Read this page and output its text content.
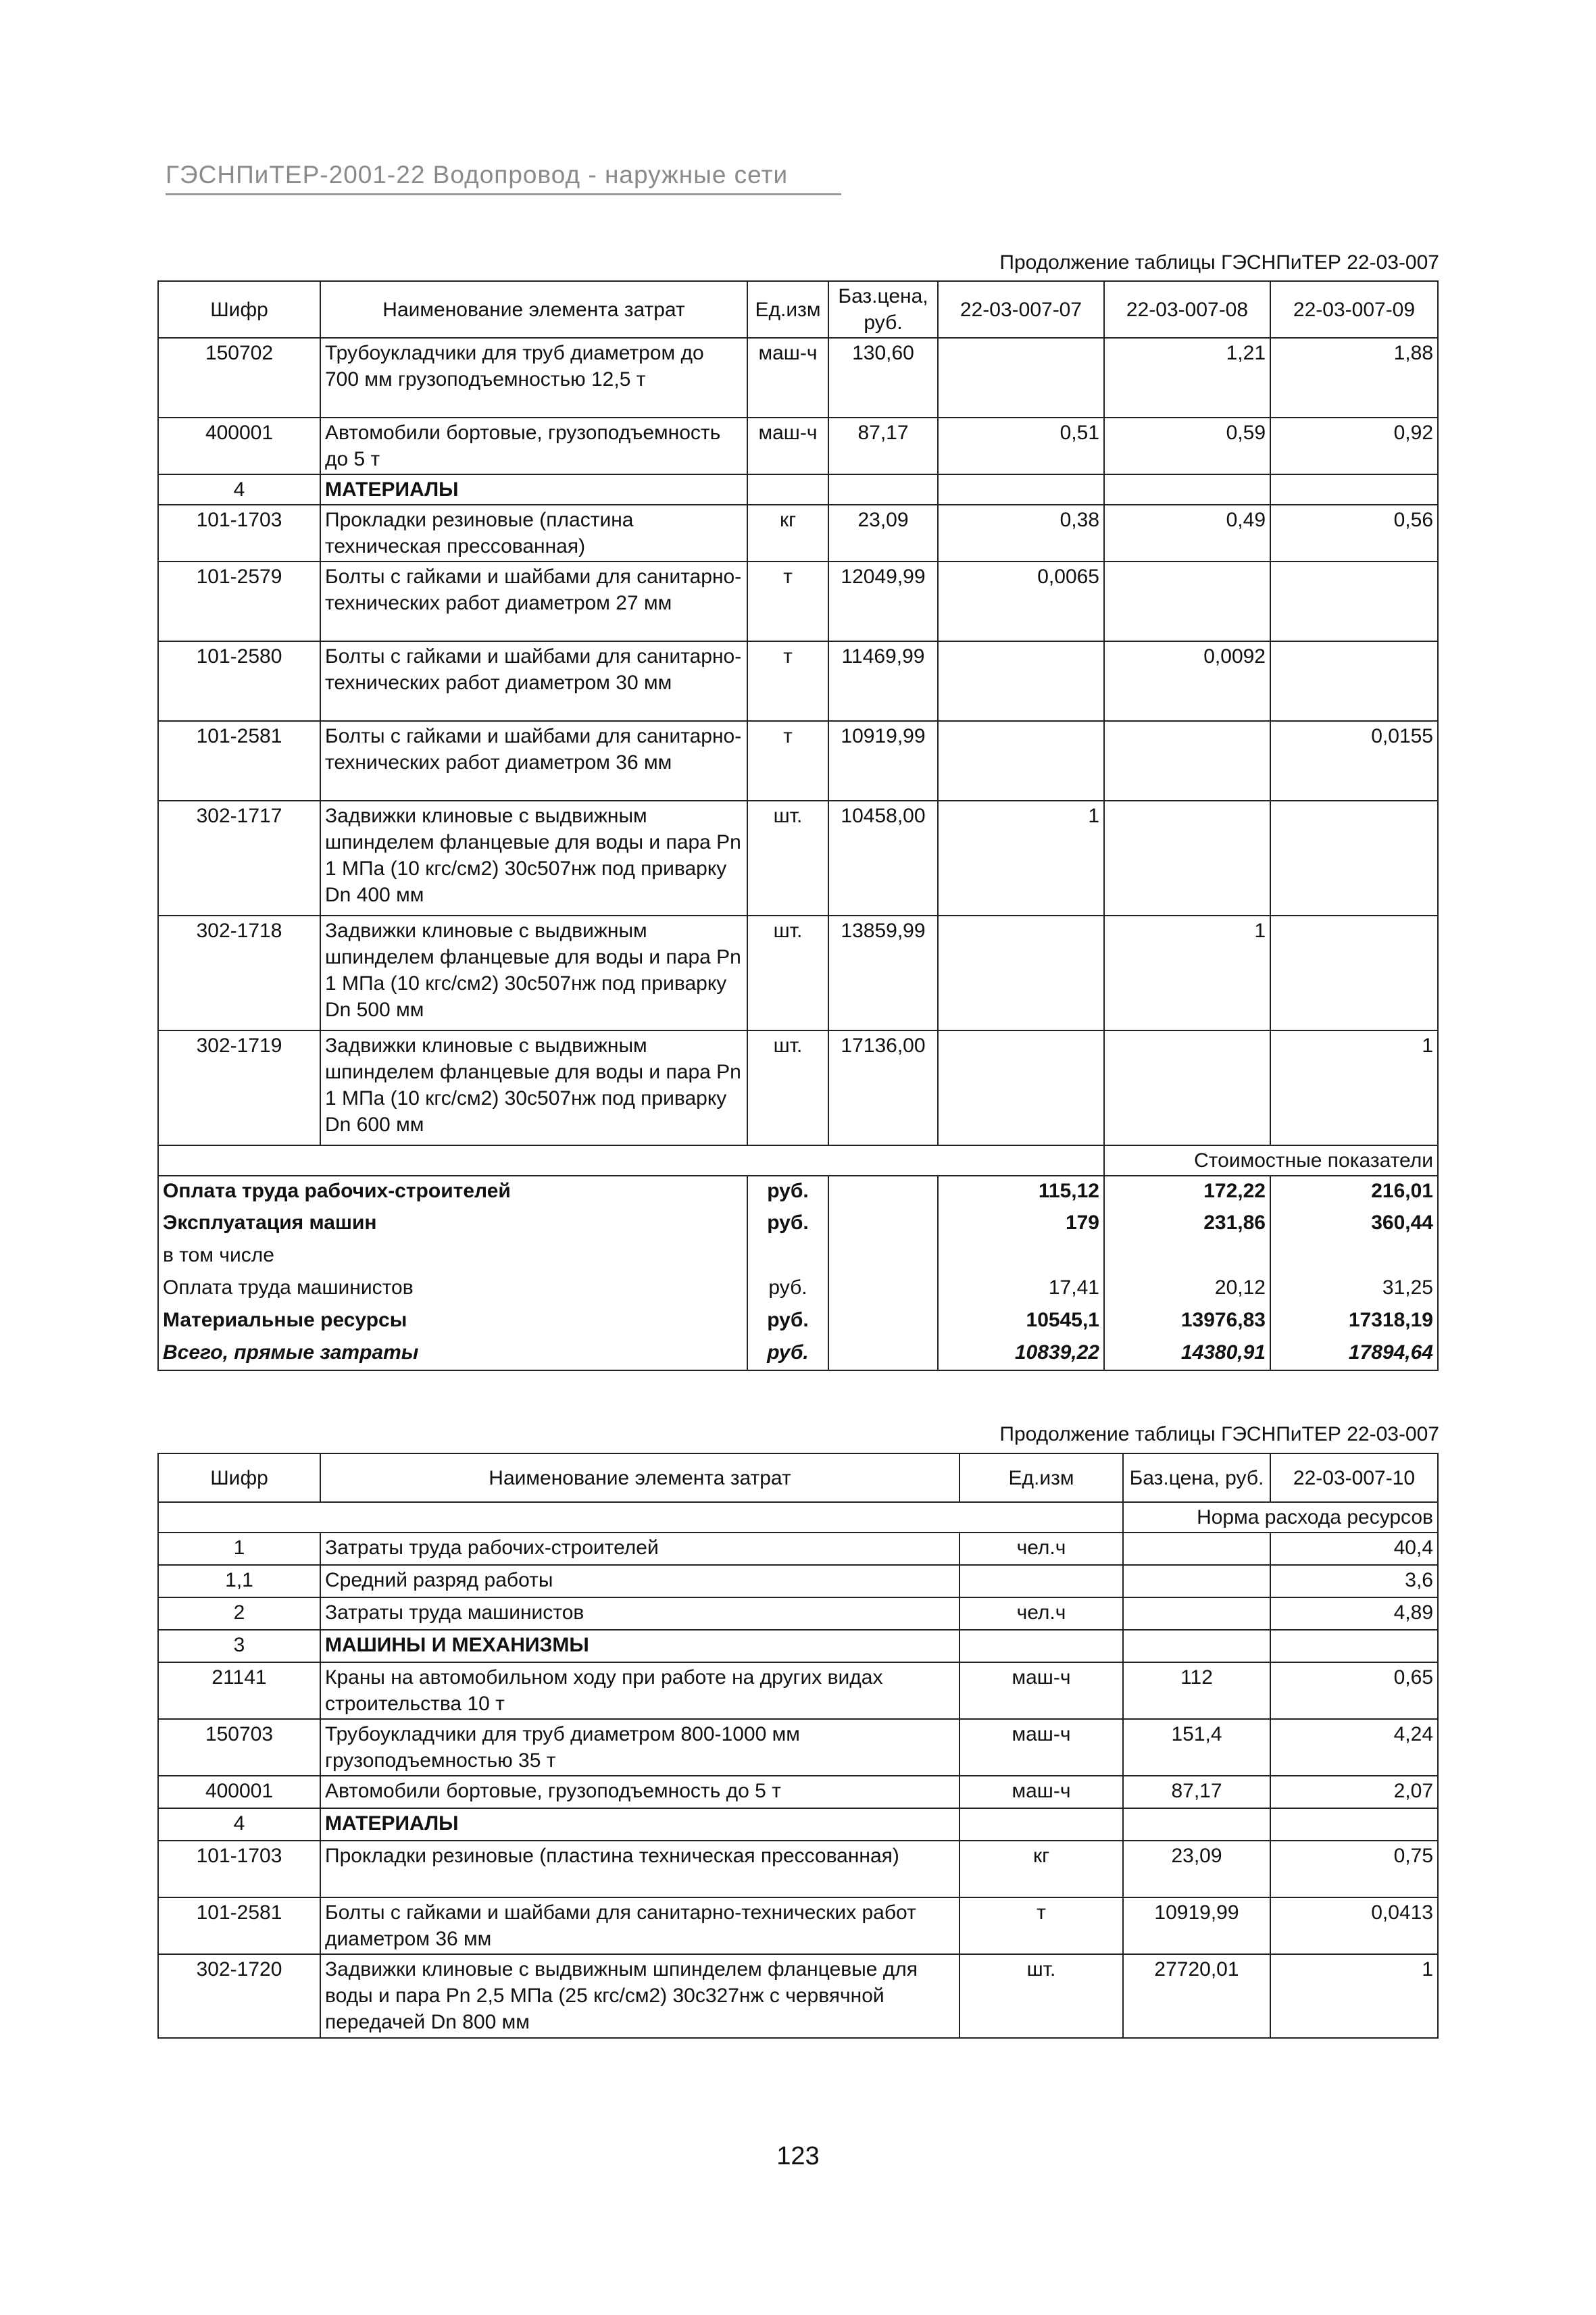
ГЭСНПиТЕР-2001-22 Водопровод - наружные сети
Продолжение таблицы ГЭСНПиТЕР 22-03-007
Шифр	Наименование элемента затрат	Ед.изм	Баз.цена, руб.	22-03-007-07	22-03-007-08	22-03-007-09
150702	Трубоукладчики для труб диаметром до 700 мм грузоподъемностью 12,5 т	маш-ч	130,60		1,21	1,88
400001	Автомобили бортовые, грузоподъемность до 5 т	маш-ч	87,17	0,51	0,59	0,92
4	МАТЕРИАЛЫ					
101-1703	Прокладки резиновые (пластина техническая прессованная)	кг	23,09	0,38	0,49	0,56
101-2579	Болты с гайками и шайбами для санитарно-технических работ диаметром 27 мм	т	12049,99	0,0065		
101-2580	Болты с гайками и шайбами для санитарно-технических работ диаметром 30 мм	т	11469,99		0,0092	
101-2581	Болты с гайками и шайбами для санитарно-технических работ диаметром 36 мм	т	10919,99			0,0155
302-1717	Задвижки клиновые с выдвижным шпинделем фланцевые для воды и пара Рn 1 МПа (10 кгс/см2) 30с507нж под приварку Dn 400 мм	шт.	10458,00	1		
302-1718	Задвижки клиновые с выдвижным шпинделем фланцевые для воды и пара Рn 1 МПа (10 кгс/см2) 30с507нж под приварку Dn 500 мм	шт.	13859,99		1	
302-1719	Задвижки клиновые с выдвижным шпинделем фланцевые для воды и пара Рn 1 МПа (10 кгс/см2) 30с507нж под приварку Dn 600 мм	шт.	17136,00			1
					Стоимостные показатели	
Оплата труда рабочих-строителей		руб.		115,12	172,22	216,01
Эксплуатация машин		руб.		179	231,86	360,44
в том числе						
Оплата труда машинистов		руб.		17,41	20,12	31,25
Материальные ресурсы		руб.		10545,1	13976,83	17318,19
Всего, прямые затраты		руб.		10839,22	14380,91	17894,64
Продолжение таблицы ГЭСНПиТЕР 22-03-007
Шифр	Наименование элемента затрат	Ед.изм	Баз.цена, руб.	22-03-007-10
			Норма расхода ресурсов	
1	Затраты труда рабочих-строителей	чел.ч		40,4
1,1	Средний разряд работы			3,6
2	Затраты труда машинистов	чел.ч		4,89
3	МАШИНЫ И МЕХАНИЗМЫ			
21141	Краны на автомобильном ходу при работе на других видах строительства 10 т	маш-ч	112	0,65
150703	Трубоукладчики для труб диаметром 800-1000 мм грузоподъемностью 35 т	маш-ч	151,4	4,24
400001	Автомобили бортовые, грузоподъемность до 5 т	маш-ч	87,17	2,07
4	МАТЕРИАЛЫ			
101-1703	Прокладки резиновые (пластина техническая прессованная)	кг	23,09	0,75
101-2581	Болты с гайками и шайбами для санитарно-технических работ диаметром 36 мм	т	10919,99	0,0413
302-1720	Задвижки клиновые с выдвижным шпинделем фланцевые для воды и пара Рn 2,5 МПа (25 кгс/см2) 30с327нж с червячной передачей Dn 800 мм	шт.	27720,01	1
123
